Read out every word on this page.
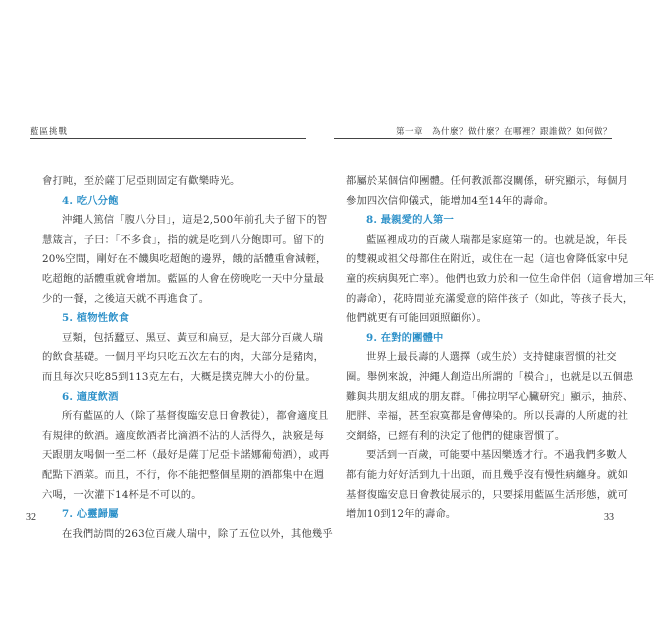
藍區挑戰	第一章　為什麼？做什麼？在哪裡？跟誰做？如何做？
會打盹，至於薩丁尼亞則固定有歡樂時光。
4. 吃八分飽
沖繩人篤信「腹八分目」，這是2,500年前孔夫子留下的智
慧箴言，子曰：「不多食」，指的就是吃到八分飽即可。留下的
20%空間，剛好在不饑與吃超飽的邊界，餓的話體重會減輕，
吃超飽的話體重就會增加。藍區的人會在傍晚吃一天中分量最
少的一餐，之後這天就不再進食了。
5. 植物性飲食
豆類，包括蠶豆、黑豆、黃豆和扁豆，是大部分百歲人瑞
的飲食基礎。一個月平均只吃五次左右的肉，大部分是豬肉，
而且每次只吃85到113克左右，大概是撲克牌大小的份量。
6. 適度飲酒
所有藍區的人（除了基督復臨安息日會教徒），都會適度且
有規律的飲酒。適度飲酒者比滴酒不沾的人活得久，訣竅是每
天跟朋友喝個一至二杯（最好是薩丁尼亞卡諾娜葡萄酒），或再
配點下酒菜。而且，不行，你不能把整個星期的酒都集中在週
六喝，一次灌下14杯是不可以的。
7. 心靈歸屬
在我們訪問的263位百歲人瑞中，除了五位以外，其他幾乎
都屬於某個信仰團體。任何教派都沒關係，研究顯示，每個月
參加四次信仰儀式，能增加4至14年的壽命。
8. 最親愛的人第一
藍區裡成功的百歲人瑞都是家庭第一的。也就是說，年長
的雙親或祖父母都住在附近，或住在一起（這也會降低家中兒
童的疾病與死亡率）。他們也致力於和一位生命伴侶（這會增加三年
的壽命），花時間並充滿愛意的陪伴孩子（如此，等孩子長大，
他們就更有可能回頭照顧你）。
9. 在對的團體中
世界上最長壽的人選擇（或生於）支持健康習慣的社交
圈。舉例來說，沖繩人創造出所謂的「模合」，也就是以五個患
難與共朋友組成的朋友群。「佛拉明罕心臟研究」顯示，抽菸、
肥胖、幸福，甚至寂寞都是會傳染的。所以長壽的人所處的社
交網絡，已經有利的決定了他們的健康習慣了。
要活到一百歲，可能要中基因樂透才行。不過我們多數人
都有能力好好活到九十出頭，而且幾乎沒有慢性病纏身。就如
基督復臨安息日會教徒展示的，只要採用藍區生活形態，就可
增加10到12年的壽命。
32	33
